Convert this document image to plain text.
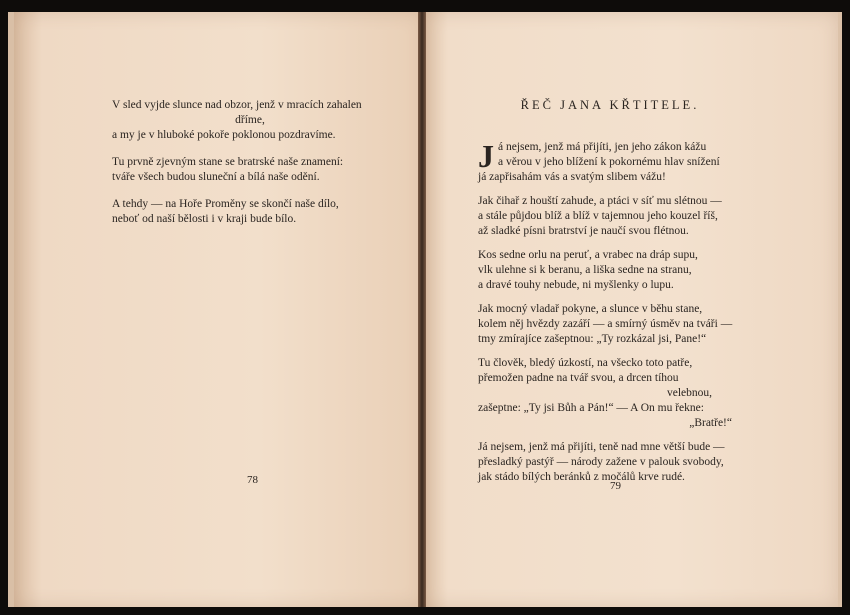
V sled vyjde slunce nad obzor, jenž v mracích zahalen
dříme,
a my je v hluboké pokoře poklonou pozdravíme.
Tu prvně zjevným stane se bratrské naše znamení:
tváře všech budou sluneční a bílá naše odění.
A tehdy — na Hoře Proměny se skončí naše dílo,
neboť od naší bělosti i v kraji bude bílo.
78
ŘEČ JANA KŘTITELE.
J á nejsem, jenž má přijíti, jen jeho zákon kážu
a věrou v jeho blížení k pokornému hlav snížení
já zapřisahám vás a svatým slibem vážu!
Jak čihař z houští zahude, a ptáci v síť mu slétnou —
a stále půjdou blíž a blíž v tajemnou jeho kouzel říš,
až sladké písni bratrství je naučí svou flétnou.
Kos sedne orlu na peruť, a vrabec na dráp supu,
vlk ulehne si k beranu, a liška sedne na stranu,
a dravé touhy nebude, ni myšlenky o lupu.
Jak mocný vladař pokyne, a slunce v běhu stane,
kolem něj hvězdy zazáří — a smírný úsměv na tváři —
tmy zmírajíce zašeptnou: „Ty rozkázal jsi, Pane!“
Tu člověk, bledý úzkostí, na všecko toto patře,
přemožen padne na tvář svou, a drcen tíhou
velebnou,
zašeptne: „Ty jsi Bůh a Pán!“ — A On mu řekne:
„Bratře!“
Já nejsem, jenž má přijíti, teně nad mne větší bude —
přesladký pastýř — národy zažene v palouk svobody,
jak stádo bílých beránků z močálů krve rudé.
79
